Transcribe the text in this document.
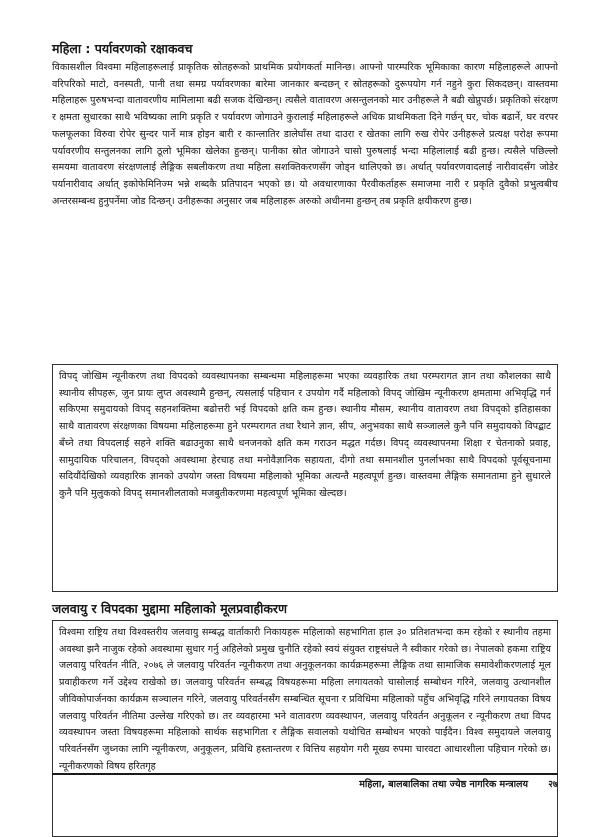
महिला : पर्यावरणको रक्षाकवच

विकासशील विश्वमा महिलाहरूलाई प्राकृतिक स्रोतहरूको प्राथमिक प्रयोगकर्ता मानिन्छ। आफ्नो पारम्परिक भूमिकाका कारण महिलाहरूले आफ्नो वरिपरिको माटो, वनस्पती, पानी तथा समग्र पर्यावरणका बारेमा जानकार बन्दछन् र स्रोतहरूको दुरूपयोग गर्न नहुने कुरा सिकदछन्। वास्तवमा महिलाहरू पुरुषभन्दा वातावरणीय मामिलामा बढी सजक देखिन्छन्। त्यसैले वातावरण असन्तुलनको मार उनीहरूले नै बढी खेप्नुपर्छ। प्रकृतिको संरक्षण र क्षमता सुधारका साथै भविष्यका लागि प्रकृति र पर्यावरण जोगाउने कुरालाई महिलाहरूले अधिक प्राथमिकता दिने गर्छन् घर, चोक बढार्ने, घर वरपर फलफूलका विरुवा रोपेर सुन्दर पार्ने मात्र होइन बारी र कान्लातिर डालेघाँस तथा दाउरा र खेतका लागि रुख रोपेर उनीहरूले प्रत्यक्ष परोक्ष रूपमा पर्यावरणीय सन्तुलनका लागि ठूलो भूमिका खेलेका हुन्छन्। पानीका स्रोत जोगाउने चासो पुरुषलाई भन्दा महिलालाई बढी हुन्छ। त्यसैले पछिल्लो समयमा वातावरण संरक्षणलाई लैङ्गिक सबलीकरण तथा महिला सशक्तिकरणसँग जोड्न थालिएको छ। अर्थात् पर्यावरणवादलाई नारीवादसँग जोडेर पर्यानारीवाद अर्थात् इकोफेमिनिज्म भन्ने शब्दकै प्रतिपादन भएको छ। यो अवधारणाका पैरवीकर्ताहरू समाजमा नारी र प्रकृति दुवैको प्रभुत्वबीच अन्तरसम्बन्ध हुनुपर्नेमा जोड दिन्छन्। उनीहरूका अनुसार जब महिलाहरू अरुको अधीनमा हुन्छन् तब प्रकृति क्षयीकरण हुन्छ।

विपद् जोखिम न्यूनीकरण तथा विपदको व्यवस्थापनका सम्बन्धमा महिलाहरूमा भएका व्यवहारिक तथा परम्परागत ज्ञान तथा कौशलका साथै स्थानीय सीपहरू, जुन प्रायः लुप्त अवस्थामै हुन्छन्, त्यसलाई पहिचान र उपयोग गर्दै महिलाको विपद् जोखिम न्यूनीकरण क्षमतामा अभिवृद्धि गर्न सकिएमा समुदायको विपद् सहनशक्तिमा बढोत्तरी भई विपदको क्षति कम हुन्छ। स्थानीय मौसम, स्थानीय वातावरण तथा विपद्को इतिहासका साथै वातावरण संरक्षणका विषयमा महिलाहरूमा हुने परम्परागत तथा रैथाने ज्ञान, सीप, अनुभवका साथै सञ्जालले कुनै पनि समुदायको विपद्बाट बँच्ने तथा विपदलाई सहने शक्ति बढाउनुका साथै धनजनको क्षति कम गराउन मद्धत गर्दछ। विपद् व्यवस्थापनमा शिक्षा र चेतनाको प्रवाह, सामुदायिक परिचालन, विपद्को अवस्थामा हेरचाह तथा मनोवैज्ञानिक सहायता, दीगो तथा समानशील पुनर्लाभका साथै विपदको पूर्वसूचनामा सदियौंदेखिको व्यवहारिक ज्ञानको उपयोग जस्ता विषयमा महिलाको भूमिका अत्यन्तै महत्वपूर्ण हुन्छ। वास्तवमा लैङ्गिक समानतामा हुने सुधारले कुनै पनि मुलुकको विपद् समानशीलताको मजबुतीकरणमा महत्वपूर्ण भूमिका खेल्दछ।

जलवायु र विपदका मुद्दामा महिलाको मूलप्रवाहीकरण

विश्वमा राष्ट्रिय तथा विश्वस्तरीय जलवायु सम्बद्ध वार्ताकारी निकायहरू महिलाको सहभागिता हाल ३० प्रतिशतभन्दा कम रहेको र स्थानीय तहमा अवस्था झनै नाजुक रहेको अवस्थामा सुधार गर्नु अहिलेको प्रमुख चुनौति रहेको स्वयं संयुक्त राष्ट्रसंघले नै स्वीकार गरेको छ। नेपालको हकमा राष्ट्रिय जलवायु परिवर्तन नीति, २०७६ ले जलवायु परिवर्तन न्यूनीकरण तथा अनुकूलनका कार्यक्रमहरूमा लैङ्गिक तथा सामाजिक समावेशीकरणलाई मूल प्रवाहीकरण गर्ने उद्देश्य राखेको छ। जलवायु परिवर्तन सम्बद्ध विषयहरूमा महिला लगायतको चासोलाई सम्बोधन गरिने, जलवायु उत्थानशील जीविकोपार्जनका कार्यक्रम सञ्चालन गरिने, जलवायु परिवर्तनसँग सम्बन्धित सूचना र प्रविधिमा महिलाको पहुँच अभिवृद्धि गरिने लगायतका विषय जलवायु परिवर्तन नीतिमा उल्लेख गरिएको छ। तर व्यवहारमा भने वातावरण व्यवस्थापन, जलवायु परिवर्तन अनुकूलन र न्यूनीकरण तथा विपद व्यवस्थापन जस्ता विषयहरूमा महिलाको सार्थक सहभागिता र लैङ्गिक सवालको यथोचित सम्बोधन भएको पाईंदैन। विश्व समुदायले जलवायु परिवर्तनसँग जुध्नका लागि न्यूनीकरण, अनुकूलन, प्रविधि हस्तान्तरण र वित्तिय सहयोग गरी मूख्य रुपमा चारवटा आधारशीला पहिचान गरेको छ। न्यूनीकरणको विषय हरितगृह

महिला, बालबालिका तथा ज्येष्ठ नागरिक मन्त्रालय २७
